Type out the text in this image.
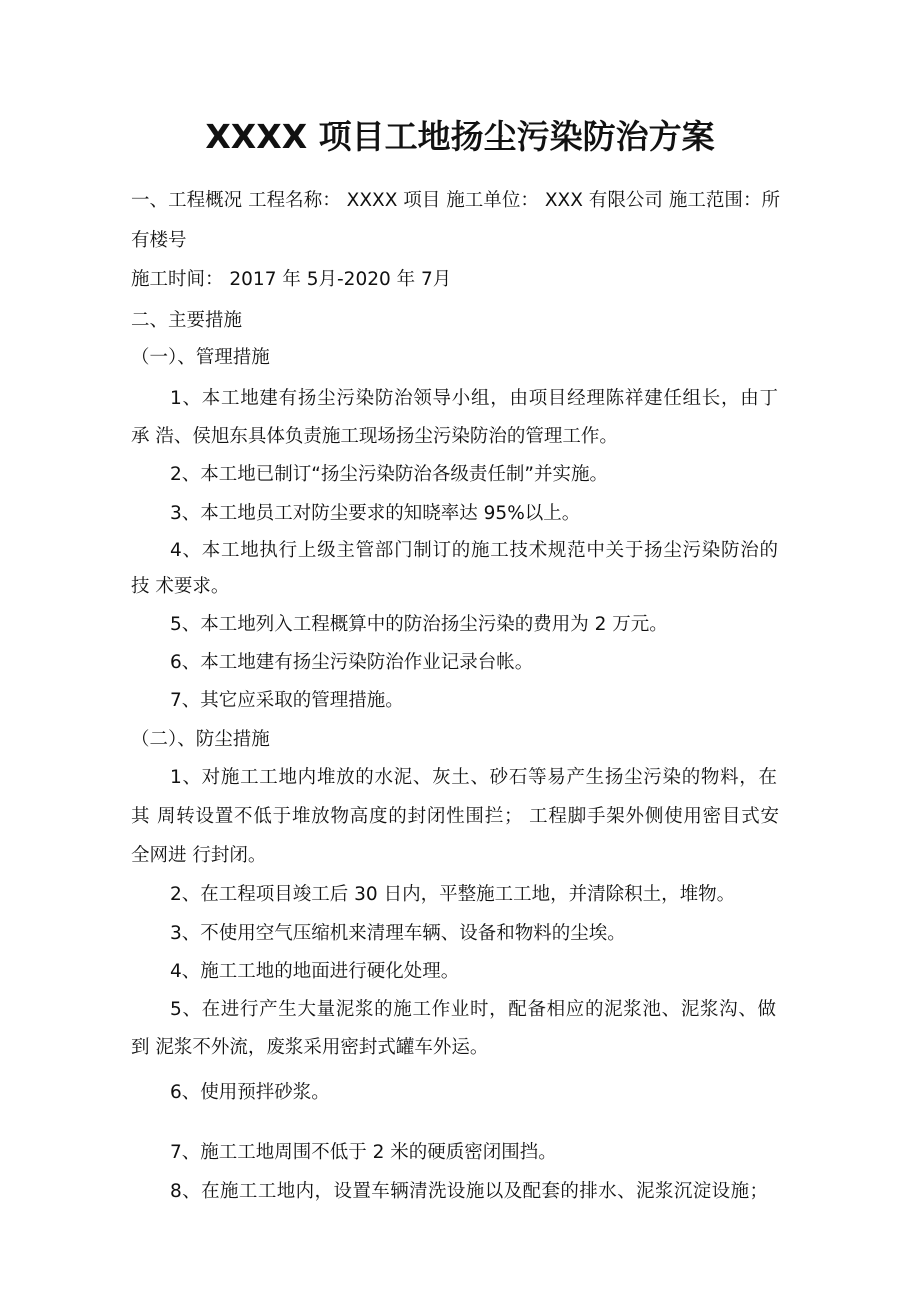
XXXX 项目工地扬尘污染防治方案
一、工程概况 工程名称： XXXX 项目 施工单位： XXX 有限公司 施工范围：所
有楼号
施工时间： 2017 年 5月-2020 年 7月
二、主要措施
（一）、管理措施
1、本工地建有扬尘污染防治领导小组，由项目经理陈祥建任组长，由丁
承 浩、侯旭东具体负责施工现场扬尘污染防治的管理工作。
2、本工地已制订“扬尘污染防治各级责任制”并实施。
3、本工地员工对防尘要求的知晓率达 95%以上。
4、本工地执行上级主管部门制订的施工技术规范中关于扬尘污染防治的
技 术要求。
5、本工地列入工程概算中的防治扬尘污染的费用为 2 万元。
6、本工地建有扬尘污染防治作业记录台帐。
7、其它应采取的管理措施。
（二）、防尘措施
1、对施工工地内堆放的水泥、灰土、砂石等易产生扬尘污染的物料，在
其 周转设置不低于堆放物高度的封闭性围拦； 工程脚手架外侧使用密目式安
全网进 行封闭。
2、在工程项目竣工后 30 日内，平整施工工地，并清除积土，堆物。
3、不使用空气压缩机来清理车辆、设备和物料的尘埃。
4、施工工地的地面进行硬化处理。
5、在进行产生大量泥浆的施工作业时，配备相应的泥浆池、泥浆沟、做
到 泥浆不外流，废浆采用密封式罐车外运。
6、使用预拌砂浆。
7、施工工地周围不低于 2 米的硬质密闭围挡。
8、在施工工地内，设置车辆清洗设施以及配套的排水、泥浆沉淀设施；
